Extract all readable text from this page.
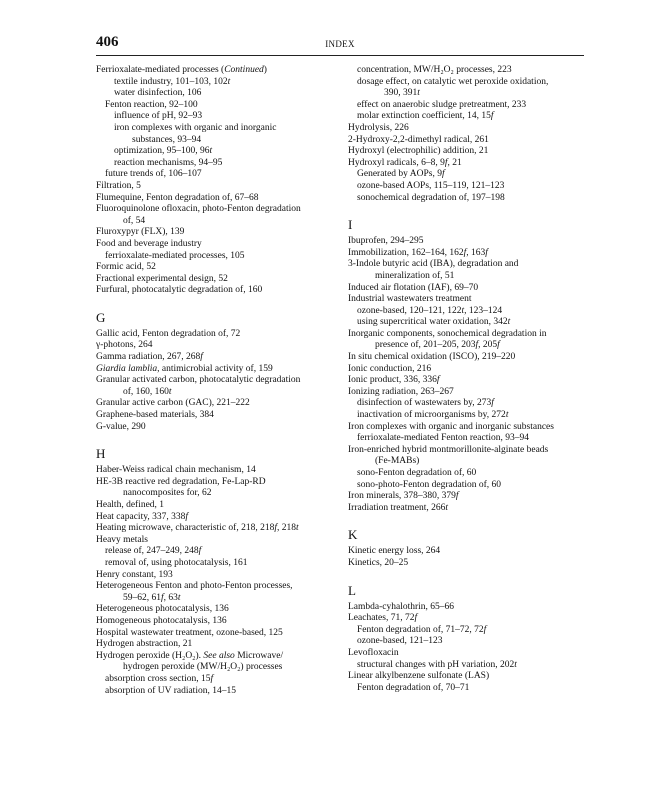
406	INDEX
Ferrioxalate-mediated processes (Continued)
textile industry, 101–103, 102t
water disinfection, 106
Fenton reaction, 92–100
influence of pH, 92–93
iron complexes with organic and inorganic
substances, 93–94
optimization, 95–100, 96t
reaction mechanisms, 94–95
future trends of, 106–107
Filtration, 5
Flumequine, Fenton degradation of, 67–68
Fluoroquinolone ofloxacin, photo-Fenton degradation
of, 54
Fluroxypyr (FLX), 139
Food and beverage industry
ferrioxalate-mediated processes, 105
Formic acid, 52
Fractional experimental design, 52
Furfural, photocatalytic degradation of, 160
G
Gallic acid, Fenton degradation of, 72
γ-photons, 264
Gamma radiation, 267, 268f
Giardia lamblia, antimicrobial activity of, 159
Granular activated carbon, photocatalytic degradation
of, 160, 160t
Granular active carbon (GAC), 221–222
Graphene-based materials, 384
G-value, 290
H
Haber-Weiss radical chain mechanism, 14
HE-3B reactive red degradation, Fe-Lap-RD
nanocomposites for, 62
Health, defined, 1
Heat capacity, 337, 338f
Heating microwave, characteristic of, 218, 218f, 218t
Heavy metals
release of, 247–249, 248f
removal of, using photocatalysis, 161
Henry constant, 193
Heterogeneous Fenton and photo-Fenton processes,
59–62, 61f, 63t
Heterogeneous photocatalysis, 136
Homogeneous photocatalysis, 136
Hospital wastewater treatment, ozone-based, 125
Hydrogen abstraction, 21
Hydrogen peroxide (H₂O₂). See also Microwave/
hydrogen peroxide (MW/H₂O₂) processes
absorption cross section, 15f
absorption of UV radiation, 14–15
concentration, MW/H₂O₂ processes, 223
dosage effect, on catalytic wet peroxide oxidation,
390, 391t
effect on anaerobic sludge pretreatment, 233
molar extinction coefficient, 14, 15f
Hydrolysis, 226
2-Hydroxy-2,2-dimethyl radical, 261
Hydroxyl (electrophilic) addition, 21
Hydroxyl radicals, 6–8, 9f, 21
Generated by AOPs, 9f
ozone-based AOPs, 115–119, 121–123
sonochemical degradation of, 197–198
I
Ibuprofen, 294–295
Immobilization, 162–164, 162f, 163f
3-Indole butyric acid (IBA), degradation and
mineralization of, 51
Induced air flotation (IAF), 69–70
Industrial wastewaters treatment
ozone-based, 120–121, 122t, 123–124
using supercritical water oxidation, 342t
Inorganic components, sonochemical degradation in
presence of, 201–205, 203f, 205f
In situ chemical oxidation (ISCO), 219–220
Ionic conduction, 216
Ionic product, 336, 336f
Ionizing radiation, 263–267
disinfection of wastewaters by, 273f
inactivation of microorganisms by, 272t
Iron complexes with organic and inorganic substances
ferrioxalate-mediated Fenton reaction, 93–94
Iron-enriched hybrid montmorillonite-alginate beads
(Fe-MABs)
sono-Fenton degradation of, 60
sono-photo-Fenton degradation of, 60
Iron minerals, 378–380, 379f
Irradiation treatment, 266t
K
Kinetic energy loss, 264
Kinetics, 20–25
L
Lambda-cyhalothrin, 65–66
Leachates, 71, 72f
Fenton degradation of, 71–72, 72f
ozone-based, 121–123
Levofloxacin
structural changes with pH variation, 202t
Linear alkylbenzene sulfonate (LAS)
Fenton degradation of, 70–71
